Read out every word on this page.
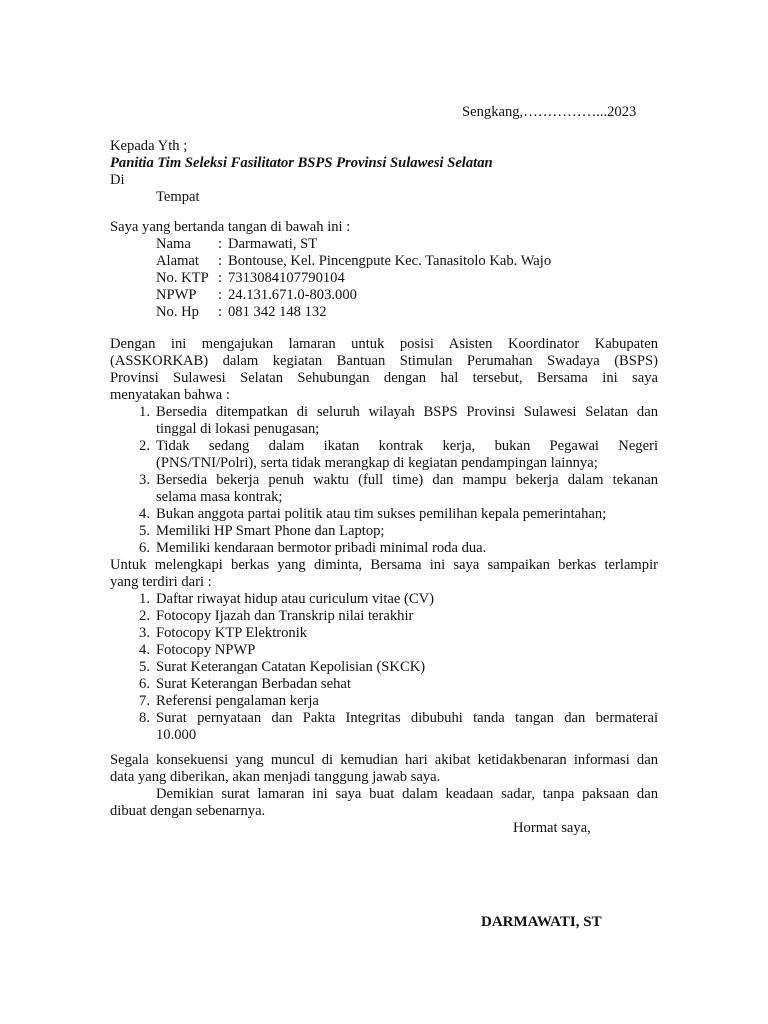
Sengkang,……………...2023
Kepada Yth ;
Panitia Tim Seleksi Fasilitator BSPS Provinsi Sulawesi Selatan
Di
Tempat
Saya yang bertanda tangan di bawah ini :
Nama : Darmawati, ST
Alamat : Bontouse, Kel. Pincengpute Kec. Tanasitolo Kab. Wajo
No. KTP : 7313084107790104
NPWP : 24.131.671.0-803.000
No. Hp : 081 342 148 132
Dengan ini mengajukan lamaran untuk posisi Asisten Koordinator Kabupaten
(ASSKORKAB) dalam kegiatan Bantuan Stimulan Perumahan Swadaya (BSPS)
Provinsi Sulawesi Selatan Sehubungan dengan hal tersebut, Bersama ini saya
menyatakan bahwa :
1. Bersedia ditempatkan di seluruh wilayah BSPS Provinsi Sulawesi Selatan dan
tinggal di lokasi penugasan;
2. Tidak sedang dalam ikatan kontrak kerja, bukan Pegawai Negeri
(PNS/TNI/Polri), serta tidak merangkap di kegiatan pendampingan lainnya;
3. Bersedia bekerja penuh waktu (full time) dan mampu bekerja dalam tekanan
selama masa kontrak;
4. Bukan anggota partai politik atau tim sukses pemilihan kepala pemerintahan;
5. Memiliki HP Smart Phone dan Laptop;
6. Memiliki kendaraan bermotor pribadi minimal roda dua.
Untuk melengkapi berkas yang diminta, Bersama ini saya sampaikan berkas terlampir
yang terdiri dari :
1. Daftar riwayat hidup atau curiculum vitae (CV)
2. Fotocopy Ijazah dan Transkrip nilai terakhir
3. Fotocopy KTP Elektronik
4. Fotocopy NPWP
5. Surat Keterangan Catatan Kepolisian (SKCK)
6. Surat Keterangan Berbadan sehat
7. Referensi pengalaman kerja
8. Surat pernyataan dan Pakta Integritas dibubuhi tanda tangan dan bermaterai
10.000
Segala konsekuensi yang muncul di kemudian hari akibat ketidakbenaran informasi dan
data yang diberikan, akan menjadi tanggung jawab saya.
Demikian surat lamaran ini saya buat dalam keadaan sadar, tanpa paksaan dan
dibuat dengan sebenarnya.
Hormat saya,
DARMAWATI, ST
